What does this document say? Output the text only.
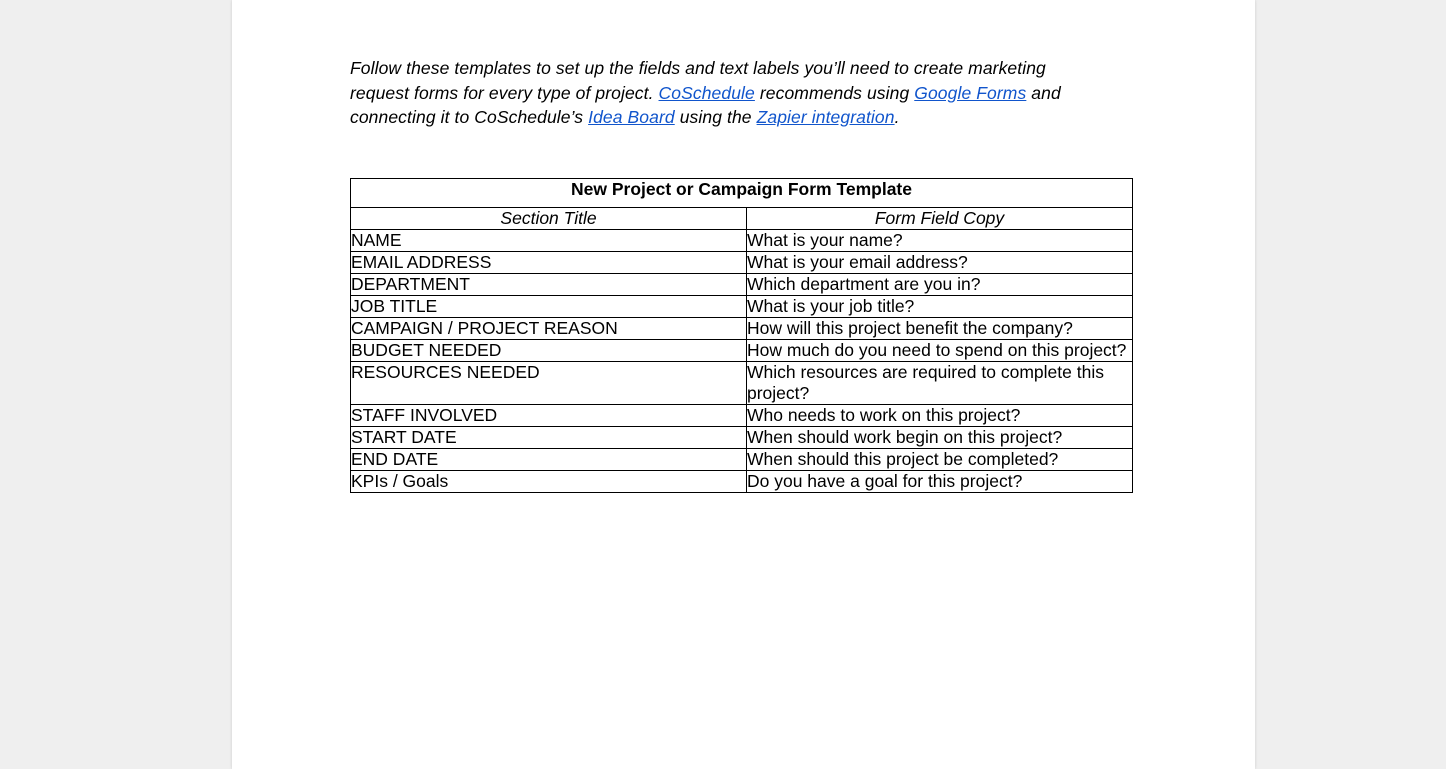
Follow these templates to set up the fields and text labels you’ll need to create marketing request forms for every type of project. CoSchedule recommends using Google Forms and connecting it to CoSchedule’s Idea Board using the Zapier integration.

New Project or Campaign Form Template	
Section Title	Form Field Copy
NAME	What is your name?
EMAIL ADDRESS	What is your email address?
DEPARTMENT	Which department are you in?
JOB TITLE	What is your job title?
CAMPAIGN / PROJECT REASON	How will this project benefit the company?
BUDGET NEEDED	How much do you need to spend on this project?
RESOURCES NEEDED	Which resources are required to complete this project?
STAFF INVOLVED	Who needs to work on this project?
START DATE	When should work begin on this project?
END DATE	When should this project be completed?
KPIs / Goals	Do you have a goal for this project?
